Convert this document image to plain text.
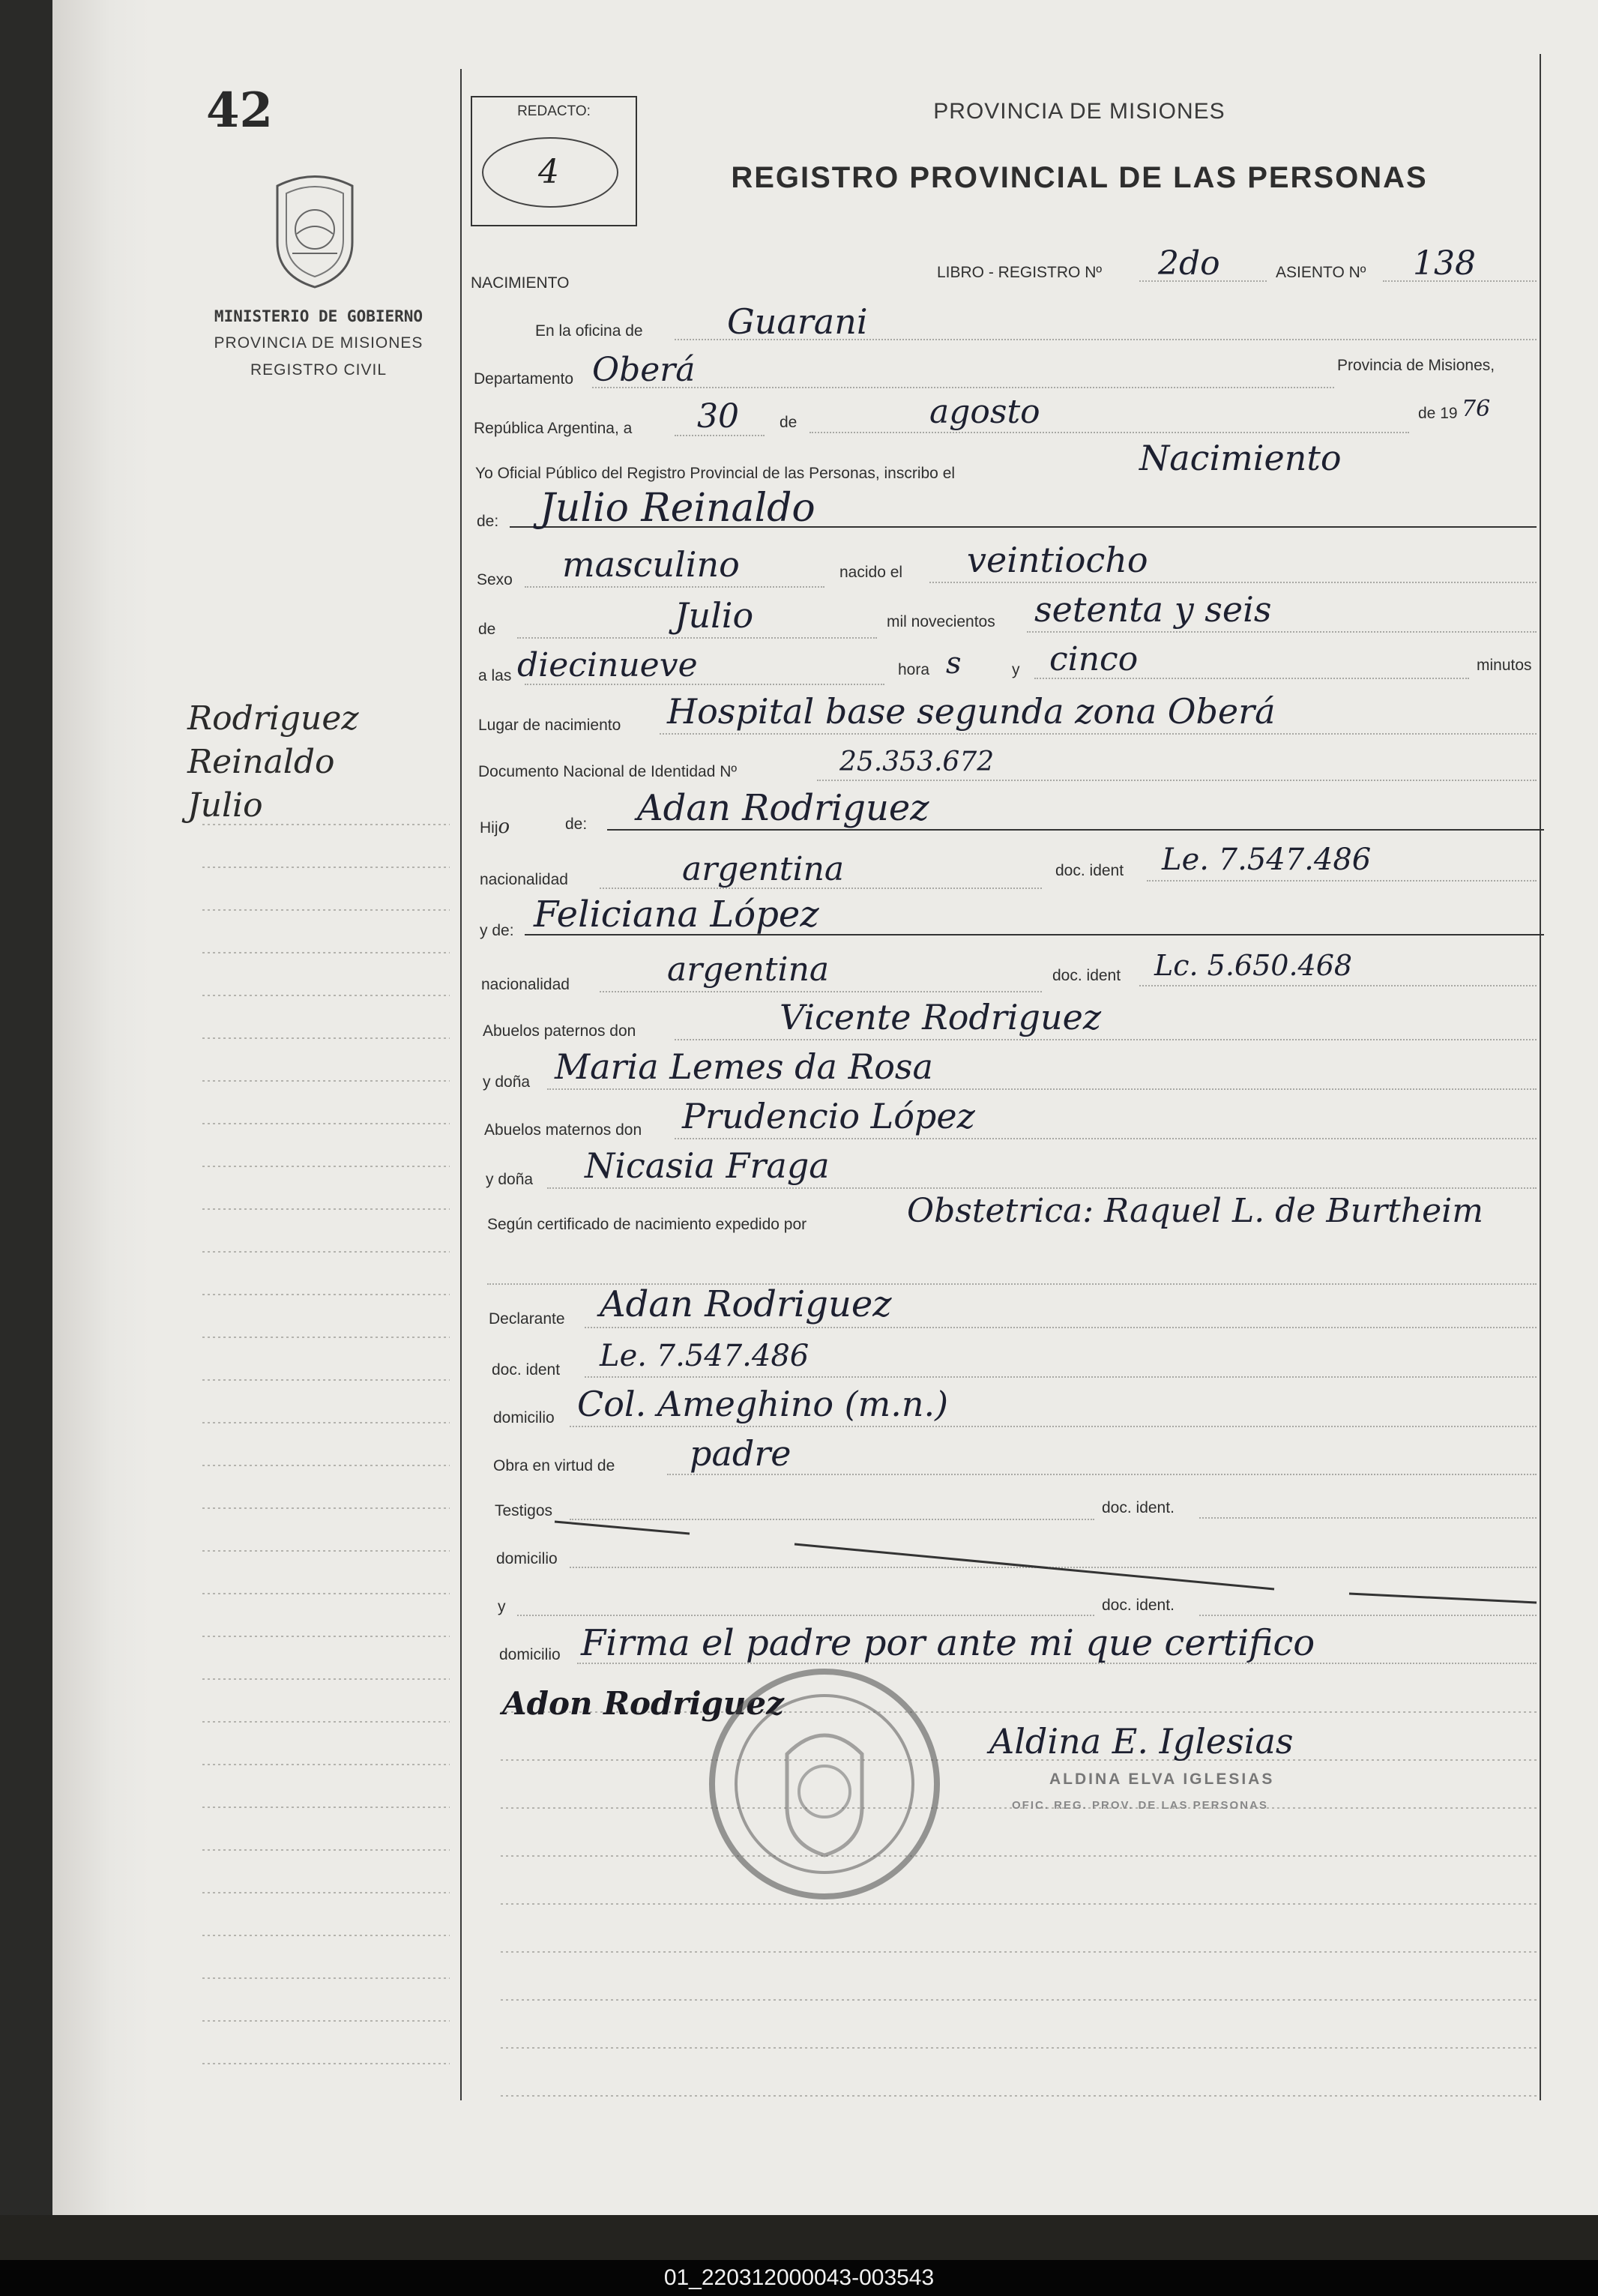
01_220312000043-003543
42
MINISTERIO DE GOBIERNO
PROVINCIA DE MISIONES
REGISTRO CIVIL
Rodriguez
Reinaldo
Julio
REDACTO:
4
PROVINCIA DE MISIONES
REGISTRO PROVINCIAL DE LAS PERSONAS
NACIMIENTO
LIBRO - REGISTRO Nº 2do	ASIENTO Nº 138
En la oficina de Guarani
Departamento Oberá	Provincia de Misiones,
República Argentina, a 30	de	agosto	de 19 76
Yo Oficial Público del Registro Provincial de las Personas, inscribo el	Nacimiento
de: Julio Reinaldo
Sexo masculino	nacido el veintiocho
de	Julio	mil novecientos setenta y seis
a las diecinueve	hora s	y cinco	minutos
Lugar de nacimiento Hospital base segunda zona Oberá
Documento Nacional de Identidad Nº	25.353.672
Hijo	de: Adan Rodriguez
nacionalidad	argentina	doc. ident Le. 7.547.486
y de: Feliciana López
nacionalidad	argentina	doc. ident Lc. 5.650.468
Abuelos paternos don	Vicente Rodriguez
y doña Maria Lemes da Rosa
Abuelos maternos don Prudencio López
y doña Nicasia Fraga
Según certificado de nacimiento expedido por	Obstetrica: Raquel L. de Burtheim
Declarante Adan Rodriguez
doc. ident Le. 7.547.486
domicilio Col. Ameghino (m.n.)
Obra en virtud de padre
Testigos	doc. ident.
domicilio
y	doc. ident.
domicilio Firma el padre por ante mi que certifico
Adon Rodriguez
Aldina E. Iglesias
ALDINA ELVA IGLESIAS
OFIC. REG. PROV. DE LAS PERSONAS
